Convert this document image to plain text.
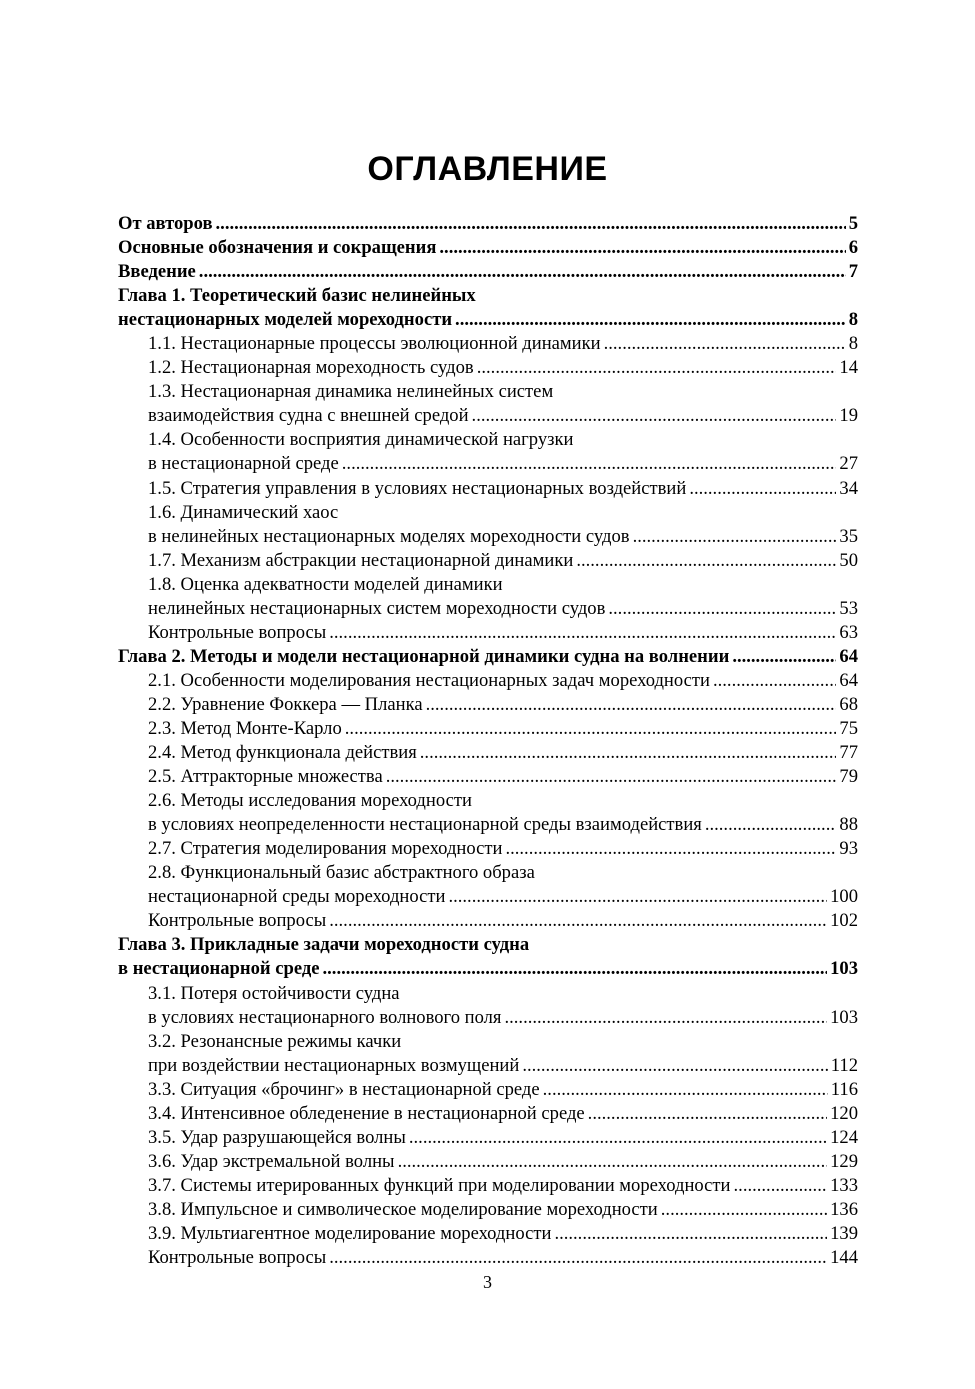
ОГЛАВЛЕНИЕ
От авторов .....	5
Основные обозначения и сокращения .....	6
Введение .....	7
Глава 1. Теоретический базис нелинейных
нестационарных моделей мореходности .....	8
1.1. Нестационарные процессы эволюционной динамики .....	8
1.2. Нестационарная мореходность судов .....	14
1.3. Нестационарная динамика нелинейных систем
взаимодействия судна с внешней средой .....	19
1.4. Особенности восприятия динамической нагрузки
в нестационарной среде .....	27
1.5. Стратегия управления в условиях нестационарных воздействий .....	34
1.6. Динамический хаос
в нелинейных нестационарных моделях мореходности судов .....	35
1.7. Механизм абстракции нестационарной динамики .....	50
1.8. Оценка адекватности моделей динамики
нелинейных нестационарных систем мореходности судов .....	53
Контрольные вопросы .....	63
Глава 2. Методы и модели нестационарной динамики судна на волнении .....	64
2.1. Особенности моделирования нестационарных задач мореходности .....	64
2.2. Уравнение Фоккера — Планка .....	68
2.3. Метод Монте-Карло .....	75
2.4. Метод функционала действия .....	77
2.5. Аттракторные множества .....	79
2.6. Методы исследования мореходности
в условиях неопределенности нестационарной среды взаимодействия .....	88
2.7. Стратегия моделирования мореходности .....	93
2.8. Функциональный базис абстрактного образа
нестационарной среды мореходности .....	100
Контрольные вопросы .....	102
Глава 3. Прикладные задачи мореходности судна
в нестационарной среде .....	103
3.1. Потеря остойчивости судна
в условиях нестационарного волнового поля .....	103
3.2. Резонансные режимы качки
при воздействии нестационарных возмущений .....	112
3.3. Ситуация «брочинг» в нестационарной среде .....	116
3.4. Интенсивное обледенение в нестационарной среде .....	120
3.5. Удар разрушающейся волны .....	124
3.6. Удар экстремальной волны .....	129
3.7. Системы итерированных функций при моделировании мореходности .....	133
3.8. Импульсное и символическое моделирование мореходности .....	136
3.9. Мультиагентное моделирование мореходности .....	139
Контрольные вопросы .....	144
3
